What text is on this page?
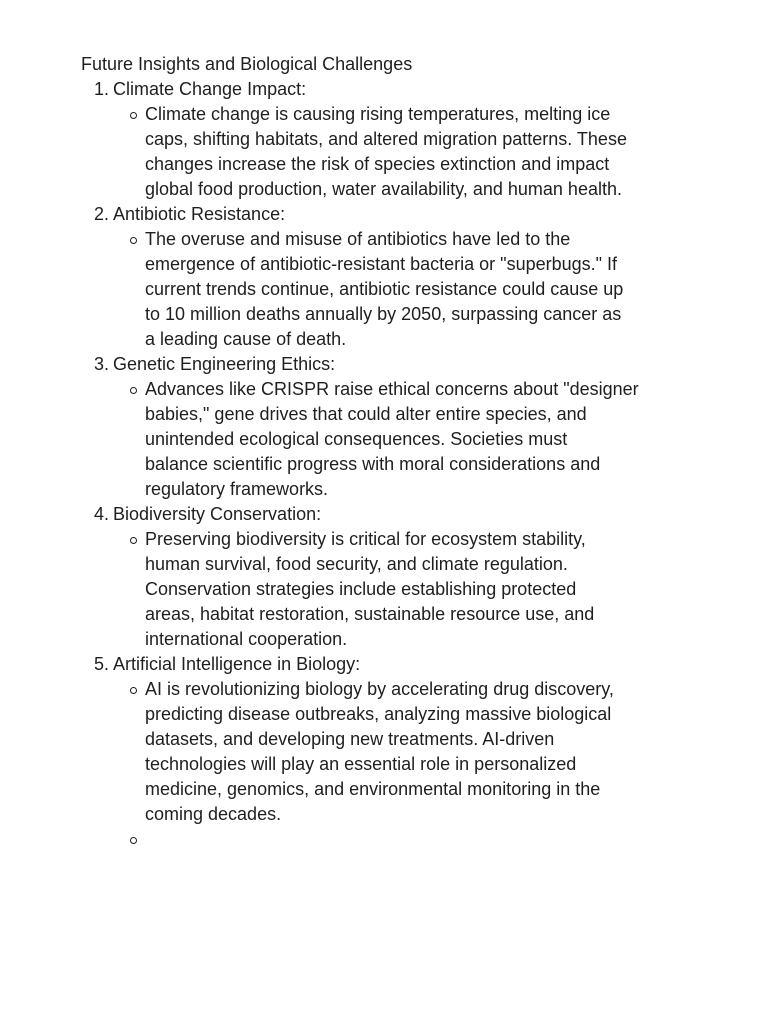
Future Insights and Biological Challenges
1. Climate Change Impact:
Climate change is causing rising temperatures, melting ice
caps, shifting habitats, and altered migration patterns. These
changes increase the risk of species extinction and impact
global food production, water availability, and human health.
2. Antibiotic Resistance:
The overuse and misuse of antibiotics have led to the
emergence of antibiotic-resistant bacteria or "superbugs." If
current trends continue, antibiotic resistance could cause up
to 10 million deaths annually by 2050, surpassing cancer as
a leading cause of death.
3. Genetic Engineering Ethics:
Advances like CRISPR raise ethical concerns about "designer
babies," gene drives that could alter entire species, and
unintended ecological consequences. Societies must
balance scientific progress with moral considerations and
regulatory frameworks.
4. Biodiversity Conservation:
Preserving biodiversity is critical for ecosystem stability,
human survival, food security, and climate regulation.
Conservation strategies include establishing protected
areas, habitat restoration, sustainable resource use, and
international cooperation.
5. Artificial Intelligence in Biology:
AI is revolutionizing biology by accelerating drug discovery,
predicting disease outbreaks, analyzing massive biological
datasets, and developing new treatments. AI-driven
technologies will play an essential role in personalized
medicine, genomics, and environmental monitoring in the
coming decades.
